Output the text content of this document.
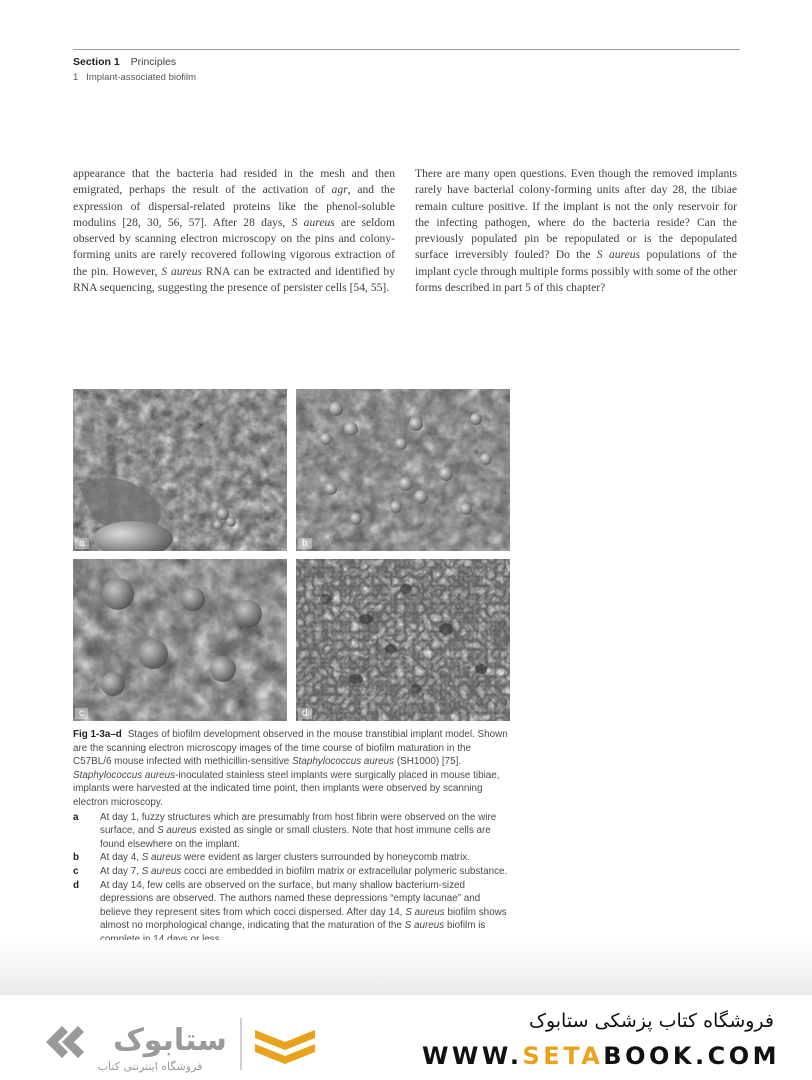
Section 1 Principles
1 Implant-associated biofilm
appearance that the bacteria had resided in the mesh and then emigrated, perhaps the result of the activation of agr, and the expression of dispersal-related proteins like the phenol-soluble modulins [28, 30, 56, 57]. After 28 days, S aureus are seldom observed by scanning electron microscopy on the pins and colony-forming units are rarely recovered following vigorous extraction of the pin. However, S aureus RNA can be extracted and identified by RNA sequencing, suggesting the presence of persister cells [54, 55].
There are many open questions. Even though the removed implants rarely have bacterial colony-forming units after day 28, the tibiae remain culture positive. If the implant is not the only reservoir for the infecting pathogen, where do the bacteria reside? Can the previously populated pin be repopulated or is the depopulated surface irreversibly fouled? Do the S aureus populations of the implant cycle through multiple forms possibly with some of the other forms described in part 5 of this chapter?
a	b
c	d
Fig 1-3a–d Stages of biofilm development observed in the mouse transtibial implant model. Shown are the scanning electron microscopy images of the time course of biofilm maturation in the C57BL/6 mouse infected with methicillin-sensitive Staphylococcus aureus (SH1000) [75]. Staphylococcus aureus-inoculated stainless steel implants were surgically placed in mouse tibiae, implants were harvested at the indicated time point, then implants were observed by scanning electron microscopy.
a	At day 1, fuzzy structures which are presumably from host fibrin were observed on the wire surface, and S aureus existed as single or small clusters. Note that host immune cells are found elsewhere on the implant.
b	At day 4, S aureus were evident as larger clusters surrounded by honeycomb matrix.
c	At day 7, S aureus cocci are embedded in biofilm matrix or extracellular polymeric substance.
d	At day 14, few cells are observed on the surface, but many shallow bacterium-sized depressions are observed. The authors named these depressions “empty lacunae” and believe they represent sites from which cocci dispersed. After day 14, S aureus biofilm shows almost no morphological change, indicating that the maturation of the S aureus biofilm is
ستابوک
فروشگاه اینترنتی کتاب
فروشگاه کتاب پزشکی ستابوک
WWW.SETABOOK.COM
